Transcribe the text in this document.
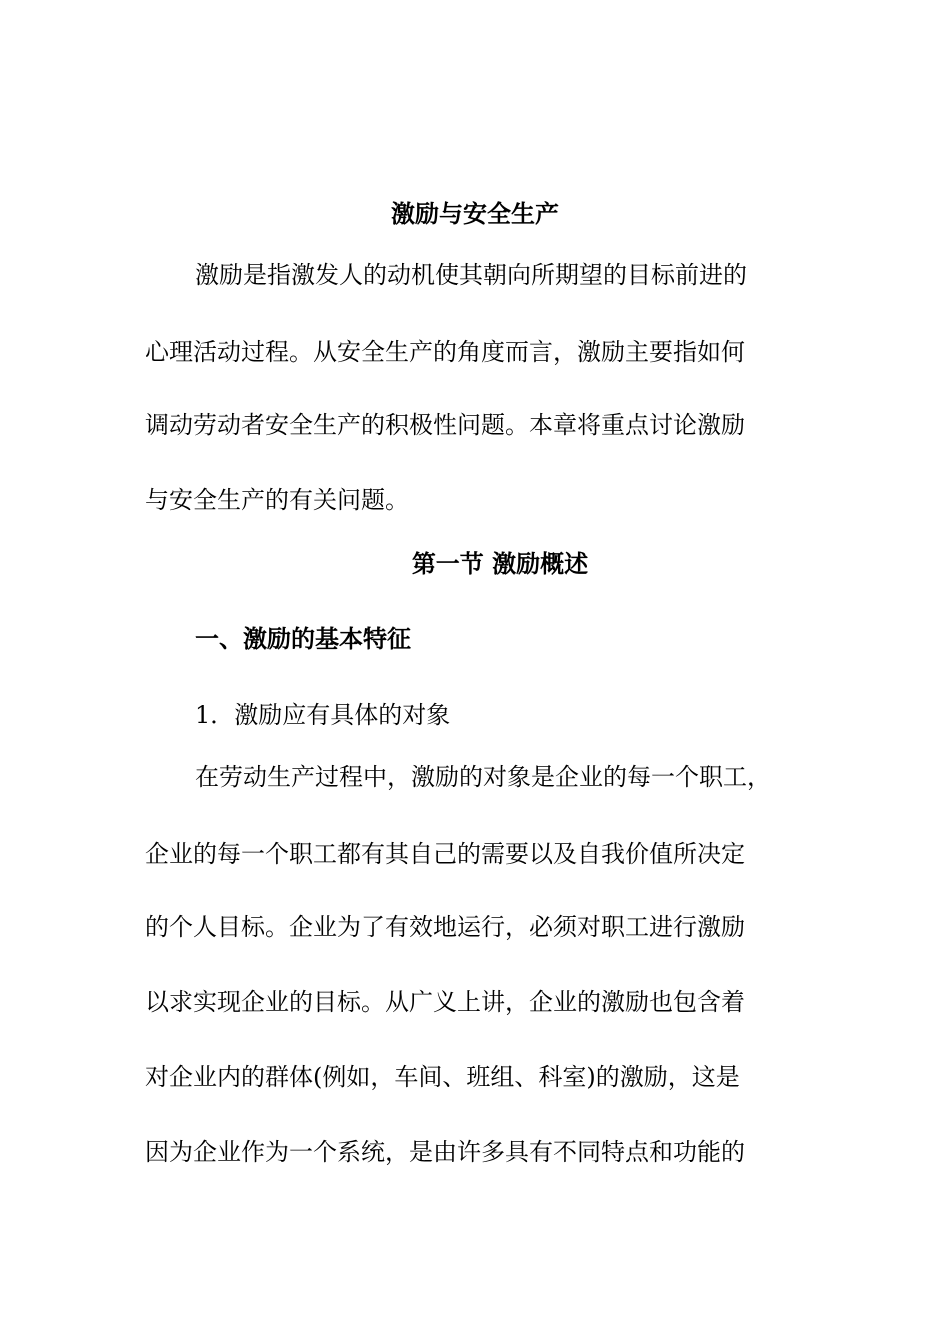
激励与安全生产
激励是指激发人的动机使其朝向所期望的目标前进的
心理活动过程。从安全生产的角度而言，激励主要指如何
调动劳动者安全生产的积极性问题。本章将重点讨论激励
与安全生产的有关问题。
第一节 激励概述
一、激励的基本特征
1．激励应有具体的对象
在劳动生产过程中，激励的对象是企业的每一个职工，
企业的每一个职工都有其自己的需要以及自我价值所决定
的个人目标。企业为了有效地运行，必须对职工进行激励
以求实现企业的目标。从广义上讲，企业的激励也包含着
对企业内的群体(例如，车间、班组、科室)的激励，这是
因为企业作为一个系统，是由许多具有不同特点和功能的
